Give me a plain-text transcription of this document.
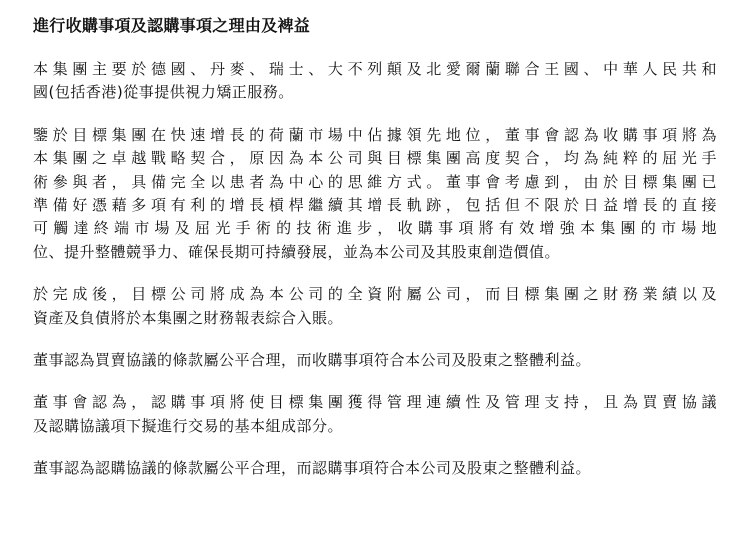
進行收購事項及認購事項之理由及裨益
本集團主要於德國、丹麥、瑞士、大不列顛及北愛爾蘭聯合王國、中華人民共和
國(包括香港)從事提供視力矯正服務。
鑒於目標集團在快速增長的荷蘭市場中佔據領先地位，董事會認為收購事項將為
本集團之卓越戰略契合，原因為本公司與目標集團高度契合，均為純粹的屈光手
術參與者，具備完全以患者為中心的思維方式。董事會考慮到，由於目標集團已
準備好憑藉多項有利的增長槓桿繼續其增長軌跡，包括但不限於日益增長的直接
可觸達終端市場及屈光手術的技術進步，收購事項將有效增強本集團的市場地
位、提升整體競爭力、確保長期可持續發展，並為本公司及其股東創造價值。
於完成後，目標公司將成為本公司的全資附屬公司，而目標集團之財務業績以及
資產及負債將於本集團之財務報表綜合入賬。
董事認為買賣協議的條款屬公平合理，而收購事項符合本公司及股東之整體利益。
董事會認為，認購事項將使目標集團獲得管理連續性及管理支持，且為買賣協議
及認購協議項下擬進行交易的基本組成部分。
董事認為認購協議的條款屬公平合理，而認購事項符合本公司及股東之整體利益。
